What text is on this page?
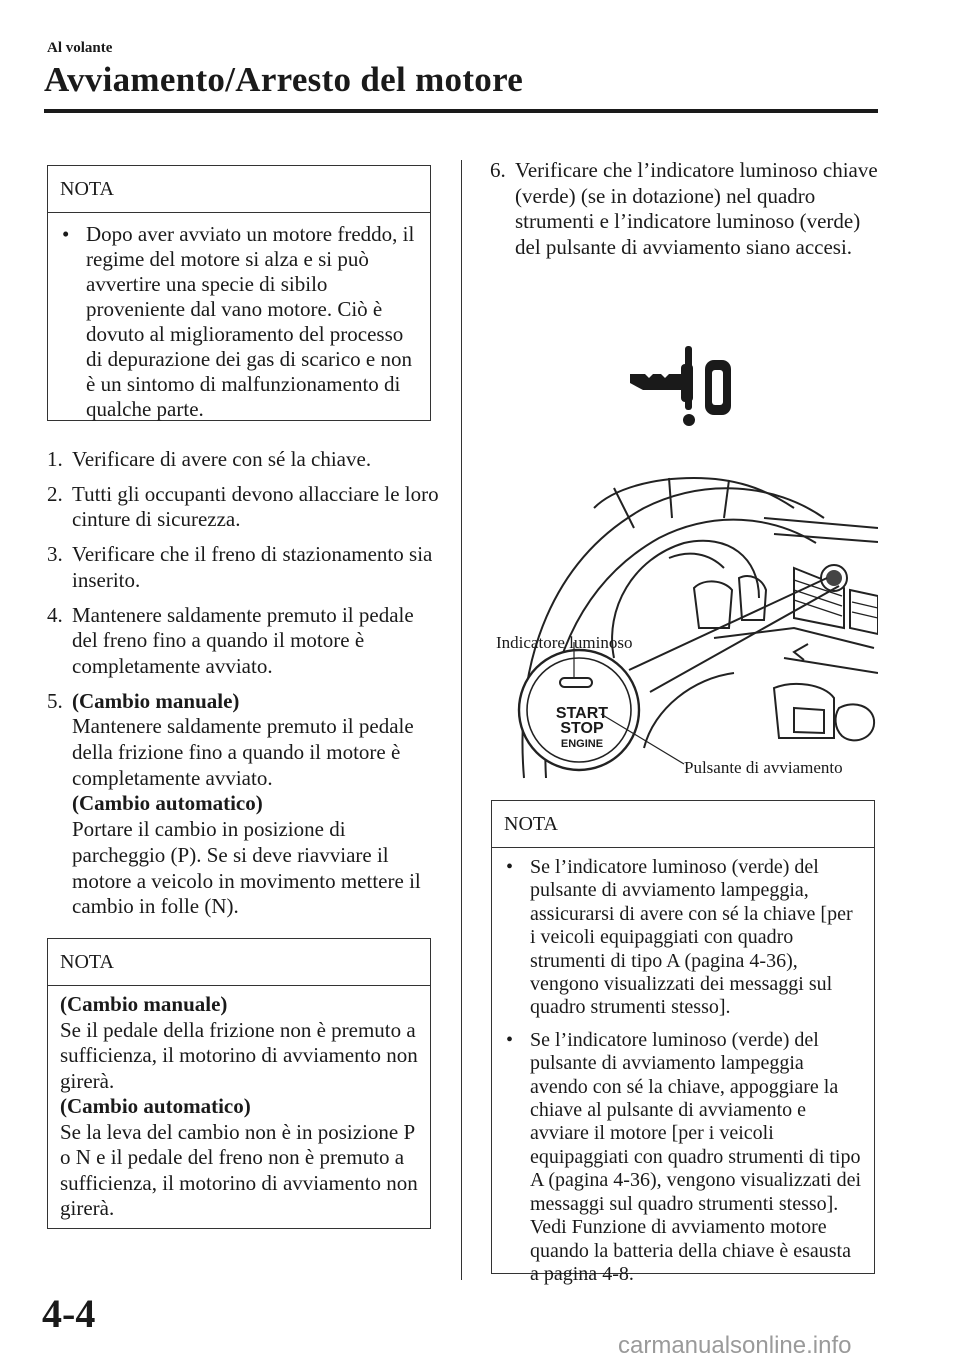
Al volante
Avviamento/Arresto del motore
NOTA
• Dopo aver avviato un motore freddo, il regime del motore si alza e si può avvertire una specie di sibilo proveniente dal vano motore. Ciò è dovuto al miglioramento del processo di depurazione dei gas di scarico e non è un sintomo di malfunzionamento di qualche parte.
1. Verificare di avere con sé la chiave.
2. Tutti gli occupanti devono allacciare le loro cinture di sicurezza.
3. Verificare che il freno di stazionamento sia inserito.
4. Mantenere saldamente premuto il pedale del freno fino a quando il motore è completamente avviato.
5. (Cambio manuale)
Mantenere saldamente premuto il pedale della frizione fino a quando il motore è completamente avviato.
(Cambio automatico)
Portare il cambio in posizione di parcheggio (P). Se si deve riavviare il motore a veicolo in movimento mettere il cambio in folle (N).
NOTA
(Cambio manuale)
Se il pedale della frizione non è premuto a sufficienza, il motorino di avviamento non girerà.
(Cambio automatico)
Se la leva del cambio non è in posizione P o N e il pedale del freno non è premuto a sufficienza, il motorino di avviamento non girerà.
6. Verificare che l’indicatore luminoso chiave (verde) (se in dotazione) nel quadro strumenti e l’indicatore luminoso (verde) del pulsante di avviamento siano accesi.
START
STOP
ENGINE
Indicatore luminoso
Pulsante di avviamento
NOTA
• Se l’indicatore luminoso (verde) del pulsante di avviamento lampeggia, assicurarsi di avere con sé la chiave [per i veicoli equipaggiati con quadro strumenti di tipo A (pagina 4-36), vengono visualizzati dei messaggi sul quadro strumenti stesso].
• Se l’indicatore luminoso (verde) del pulsante di avviamento lampeggia avendo con sé la chiave, appoggiare la chiave al pulsante di avviamento e avviare il motore [per i veicoli equipaggiati con quadro strumenti di tipo A (pagina 4-36), vengono visualizzati dei messaggi sul quadro strumenti stesso]. Vedi Funzione di avviamento motore quando la batteria della chiave è esausta a pagina 4-8.
4-4
carmanualsonline.info
